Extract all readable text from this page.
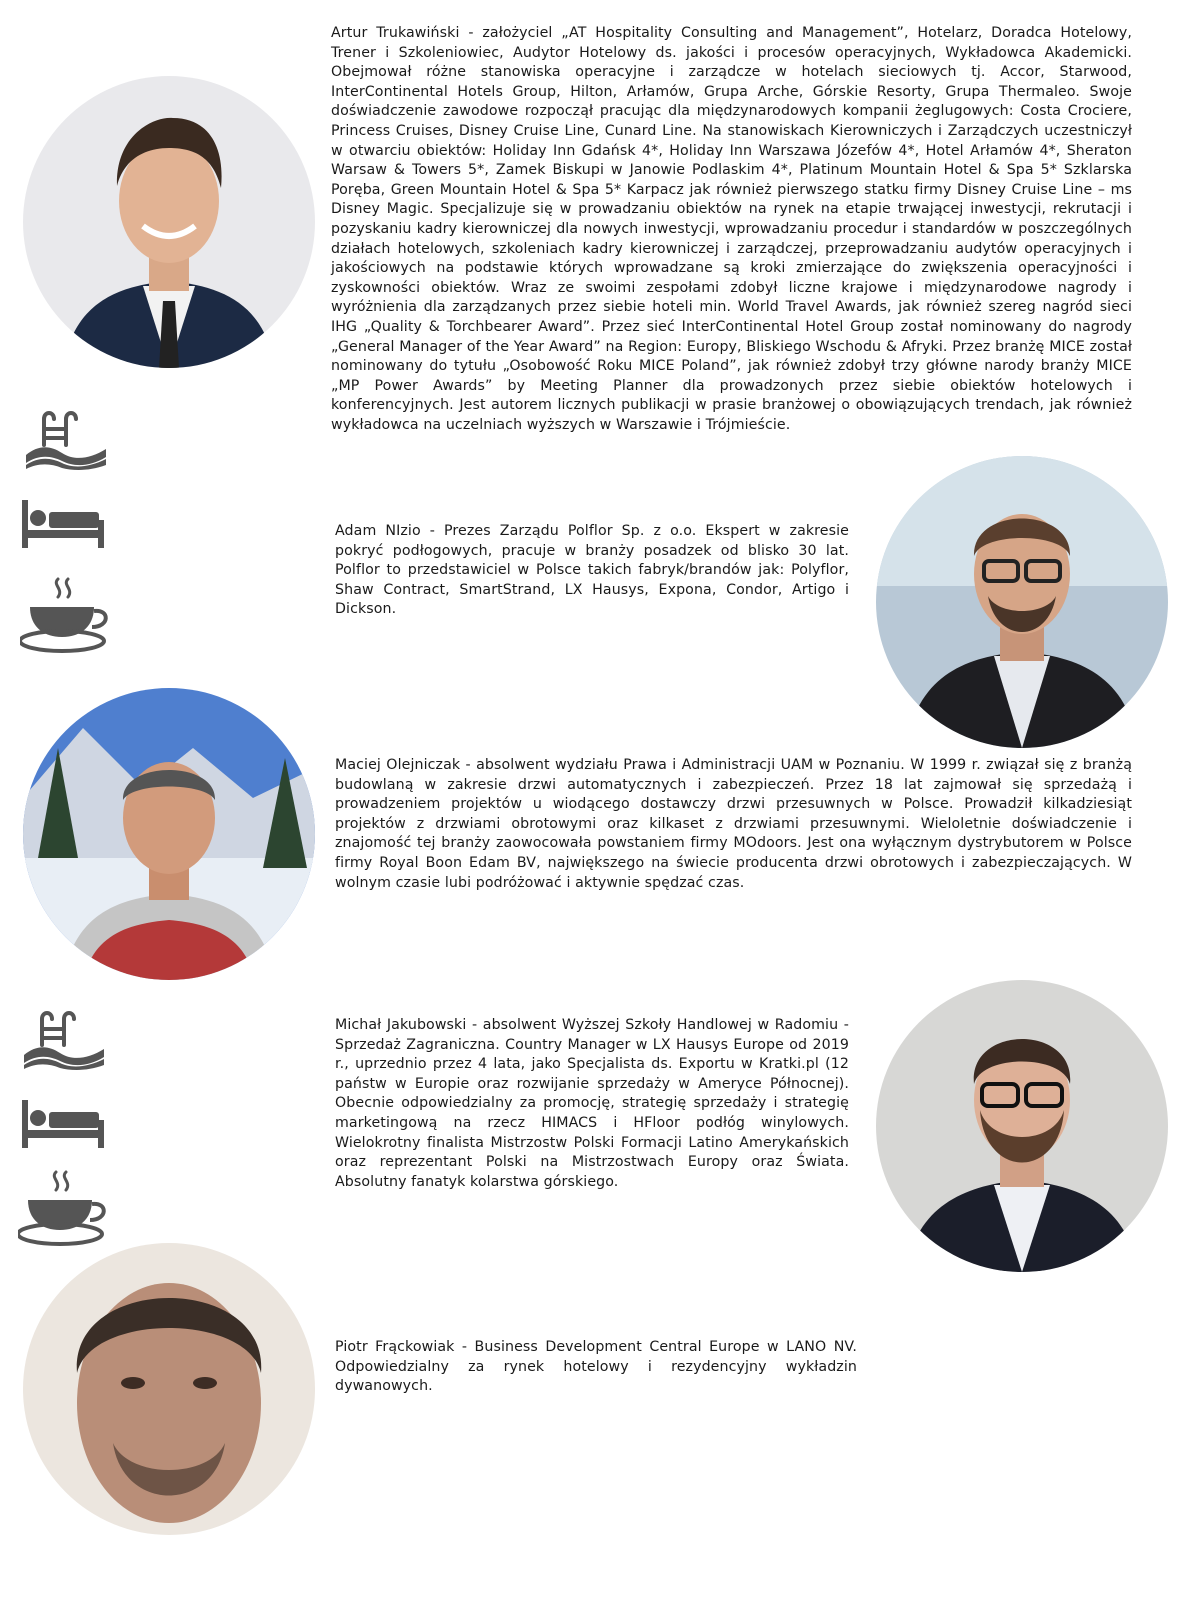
Artur Trukawiński - założyciel „AT Hospitality Consulting and Management”, Hotelarz, Doradca Hotelowy, Trener i Szkoleniowiec, Audytor Hotelowy ds. jakości i procesów operacyjnych, Wykładowca Akademicki. Obejmował różne stanowiska operacyjne i zarządcze w hotelach sieciowych tj. Accor, Starwood, InterContinental Hotels Group, Hilton, Arłamów, Grupa Arche, Górskie Resorty, Grupa Thermaleo. Swoje doświadczenie zawodowe rozpoczął pracując dla międzynarodowych kompanii żeglugowych: Costa Crociere, Princess Cruises, Disney Cruise Line, Cunard Line. Na stanowiskach Kierowniczych i Zarządczych uczestniczył w otwarciu obiektów: Holiday Inn Gdańsk 4*, Holiday Inn Warszawa Józefów 4*, Hotel Arłamów 4*, Sheraton Warsaw & Towers 5*, Zamek Biskupi w Janowie Podlaskim 4*, Platinum Mountain Hotel & Spa 5* Szklarska Poręba, Green Mountain Hotel & Spa 5* Karpacz jak również pierwszego statku firmy Disney Cruise Line – ms Disney Magic. Specjalizuje się w prowadzaniu obiektów na rynek na etapie trwającej inwestycji, rekrutacji i pozyskaniu kadry kierowniczej dla nowych inwestycji, wprowadzaniu procedur i standardów w poszczególnych działach hotelowych, szkoleniach kadry kierowniczej i zarządczej, przeprowadzaniu audytów operacyjnych i jakościowych na podstawie których wprowadzane są kroki zmierzające do zwiększenia operacyjności i zyskowności obiektów. Wraz ze swoimi zespołami zdobył liczne krajowe i międzynarodowe nagrody i wyróżnienia dla zarządzanych przez siebie hoteli min. World Travel Awards, jak również szereg nagród sieci IHG „Quality & Torchbearer Award”. Przez sieć InterContinental Hotel Group został nominowany do nagrody „General Manager of the Year Award” na Region: Europy, Bliskiego Wschodu & Afryki. Przez branżę MICE został nominowany do tytułu „Osobowość Roku MICE Poland”, jak również zdobył trzy główne narody branży MICE „MP Power Awards” by Meeting Planner dla prowadzonych przez siebie obiektów hotelowych i konferencyjnych. Jest autorem licznych publikacji w prasie branżowej o obowiązujących trendach, jak również wykładowca na uczelniach wyższych w Warszawie i Trójmieście.

Adam NIzio - Prezes Zarządu Polflor Sp. z o.o. Ekspert w zakresie pokryć podłogowych, pracuje w branży posadzek od blisko 30 lat. Polflor to przedstawiciel w Polsce takich fabryk/brandów jak: Polyflor, Shaw Contract, SmartStrand, LX Hausys, Expona, Condor, Artigo i Dickson.

Maciej Olejniczak - absolwent wydziału Prawa i Administracji UAM w Poznaniu. W 1999 r. związał się z branżą budowlaną w zakresie drzwi automatycznych i zabezpieczeń. Przez 18 lat zajmował się sprzedażą i prowadzeniem projektów u wiodącego dostawczy drzwi przesuwnych w Polsce. Prowadził kilkadziesiąt projektów z drzwiami obrotowymi oraz kilkaset z drzwiami przesuwnymi. Wieloletnie doświadczenie i znajomość tej branży zaowocowała powstaniem firmy MOdoors. Jest ona wyłącznym dystrybutorem w Polsce firmy Royal Boon Edam BV, największego na świecie producenta drzwi obrotowych i zabezpieczających. W wolnym czasie lubi podróżować i aktywnie spędzać czas.

Michał Jakubowski - absolwent Wyższej Szkoły Handlowej w Radomiu - Sprzedaż Zagraniczna. Country Manager w LX Hausys Europe od 2019 r., uprzednio przez 4 lata, jako Specjalista ds. Exportu w Kratki.pl (12 państw w Europie oraz rozwijanie sprzedaży w Ameryce Północnej). Obecnie odpowiedzialny za promocję, strategię sprzedaży i strategię marketingową na rzecz HIMACS i HFloor podłóg winylowych. Wielokrotny finalista Mistrzostw Polski Formacji Latino Amerykańskich oraz reprezentant Polski na Mistrzostwach Europy oraz Świata. Absolutny fanatyk kolarstwa górskiego.

Piotr Frąckowiak - Business Development Central Europe w LANO NV. Odpowiedzialny za rynek hotelowy i rezydencyjny wykładzin dywanowych.
